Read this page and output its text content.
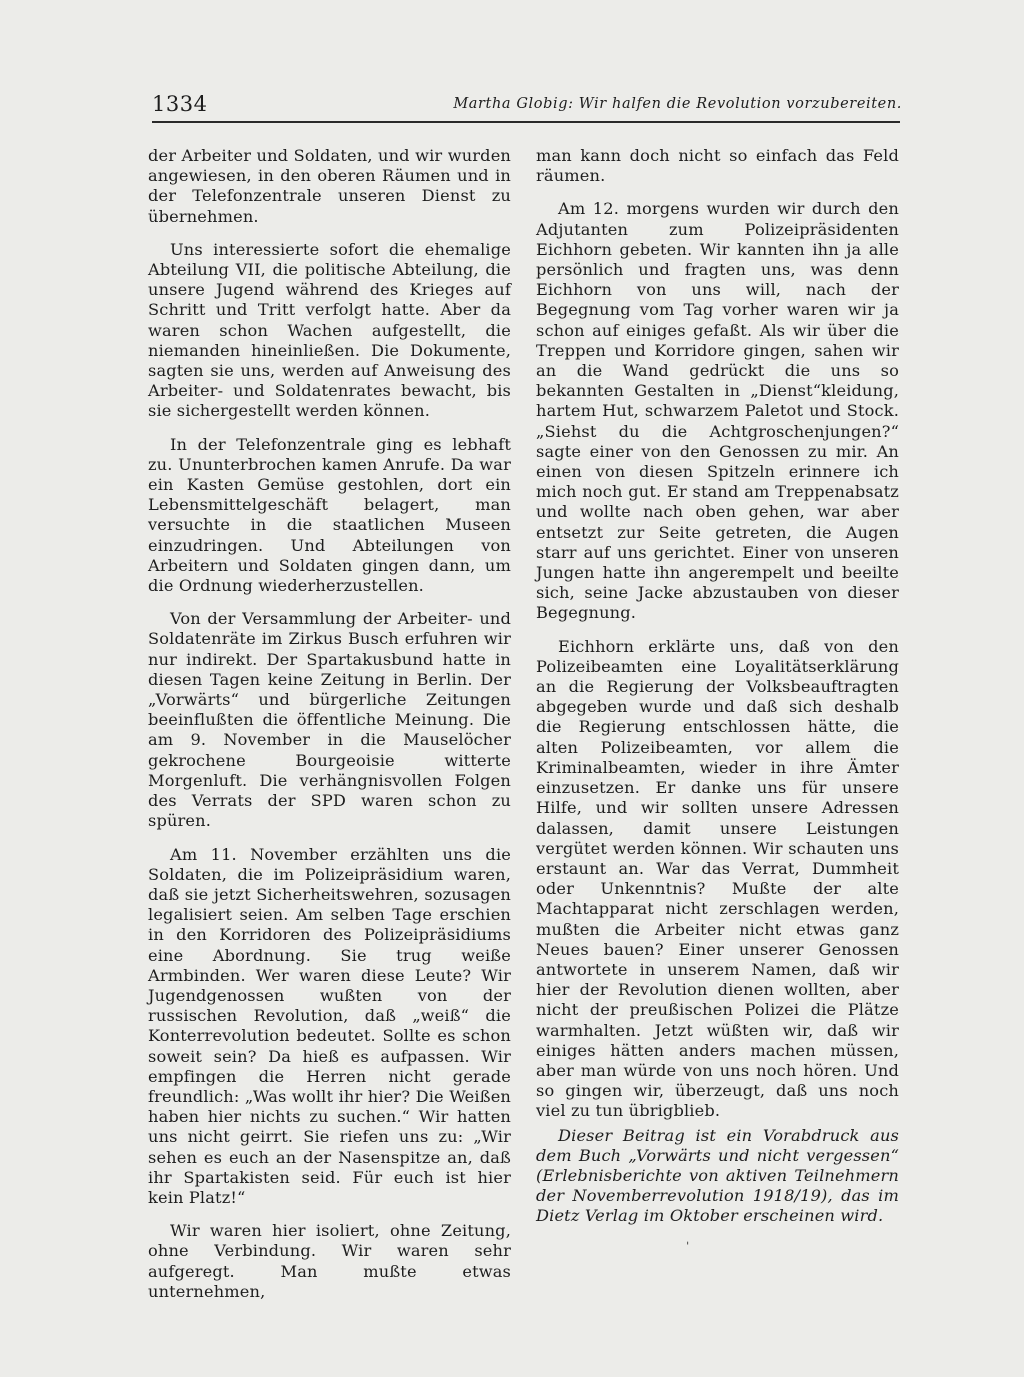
1334	Martha Globig: Wir halfen die Revolution vorzubereiten.

der Arbeiter und Soldaten, und wir wurden angewiesen, in den oberen Räumen und in der Telefonzentrale unseren Dienst zu übernehmen.

Uns interessierte sofort die ehemalige Abteilung VII, die politische Abteilung, die unsere Jugend während des Krieges auf Schritt und Tritt verfolgt hatte. Aber da waren schon Wachen aufgestellt, die niemanden hineinließen. Die Dokumente, sagten sie uns, werden auf Anweisung des Arbeiter- und Soldatenrates bewacht, bis sie sichergestellt werden können.

In der Telefonzentrale ging es lebhaft zu. Ununterbrochen kamen Anrufe. Da war ein Kasten Gemüse gestohlen, dort ein Lebensmittelgeschäft belagert, man versuchte in die staatlichen Museen einzudringen. Und Abteilungen von Arbeitern und Soldaten gingen dann, um die Ordnung wiederherzustellen.

Von der Versammlung der Arbeiter- und Soldatenräte im Zirkus Busch erfuhren wir nur indirekt. Der Spartakusbund hatte in diesen Tagen keine Zeitung in Berlin. Der „Vorwärts“ und bürgerliche Zeitungen beeinflußten die öffentliche Meinung. Die am 9. November in die Mauselöcher gekrochene Bourgeoisie witterte Morgenluft. Die verhängnisvollen Folgen des Verrats der SPD waren schon zu spüren.

Am 11. November erzählten uns die Soldaten, die im Polizeipräsidium waren, daß sie jetzt Sicherheitswehren, sozusagen legalisiert seien. Am selben Tage erschien in den Korridoren des Polizeipräsidiums eine Abordnung. Sie trug weiße Armbinden. Wer waren diese Leute? Wir Jugendgenossen wußten von der russischen Revolution, daß „weiß“ die Konterrevolution bedeutet. Sollte es schon soweit sein? Da hieß es aufpassen. Wir empfingen die Herren nicht gerade freundlich: „Was wollt ihr hier? Die Weißen haben hier nichts zu suchen.“ Wir hatten uns nicht geirrt. Sie riefen uns zu: „Wir sehen es euch an der Nasenspitze an, daß ihr Spartakisten seid. Für euch ist hier kein Platz!“

Wir waren hier isoliert, ohne Zeitung, ohne Verbindung. Wir waren sehr aufgeregt. Man mußte etwas unternehmen,

man kann doch nicht so einfach das Feld räumen.

Am 12. morgens wurden wir durch den Adjutanten zum Polizeipräsidenten Eichhorn gebeten. Wir kannten ihn ja alle persönlich und fragten uns, was denn Eichhorn von uns will, nach der Begegnung vom Tag vorher waren wir ja schon auf einiges gefaßt. Als wir über die Treppen und Korridore gingen, sahen wir an die Wand gedrückt die uns so bekannten Gestalten in „Dienst“kleidung, hartem Hut, schwarzem Paletot und Stock. „Siehst du die Achtgroschenjungen?“ sagte einer von den Genossen zu mir. An einen von diesen Spitzeln erinnere ich mich noch gut. Er stand am Treppenabsatz und wollte nach oben gehen, war aber entsetzt zur Seite getreten, die Augen starr auf uns gerichtet. Einer von unseren Jungen hatte ihn angerempelt und beeilte sich, seine Jacke abzustauben von dieser Begegnung.

Eichhorn erklärte uns, daß von den Polizeibeamten eine Loyalitätserklärung an die Regierung der Volksbeauftragten abgegeben wurde und daß sich deshalb die Regierung entschlossen hätte, die alten Polizeibeamten, vor allem die Kriminalbeamten, wieder in ihre Ämter einzusetzen. Er danke uns für unsere Hilfe, und wir sollten unsere Adressen dalassen, damit unsere Leistungen vergütet werden können. Wir schauten uns erstaunt an. War das Verrat, Dummheit oder Unkenntnis? Mußte der alte Machtapparat nicht zerschlagen werden, mußten die Arbeiter nicht etwas ganz Neues bauen? Einer unserer Genossen antwortete in unserem Namen, daß wir hier der Revolution dienen wollten, aber nicht der preußischen Polizei die Plätze warmhalten. Jetzt wüßten wir, daß wir einiges hätten anders machen müssen, aber man würde von uns noch hören. Und so gingen wir, überzeugt, daß uns noch viel zu tun übrigblieb.

Dieser Beitrag ist ein Vorabdruck aus dem Buch „Vorwärts und nicht vergessen“ (Erlebnisberichte von aktiven Teilnehmern der Novemberrevolution 1918/19), das im Dietz Verlag im Oktober erscheinen wird.

ˈ
